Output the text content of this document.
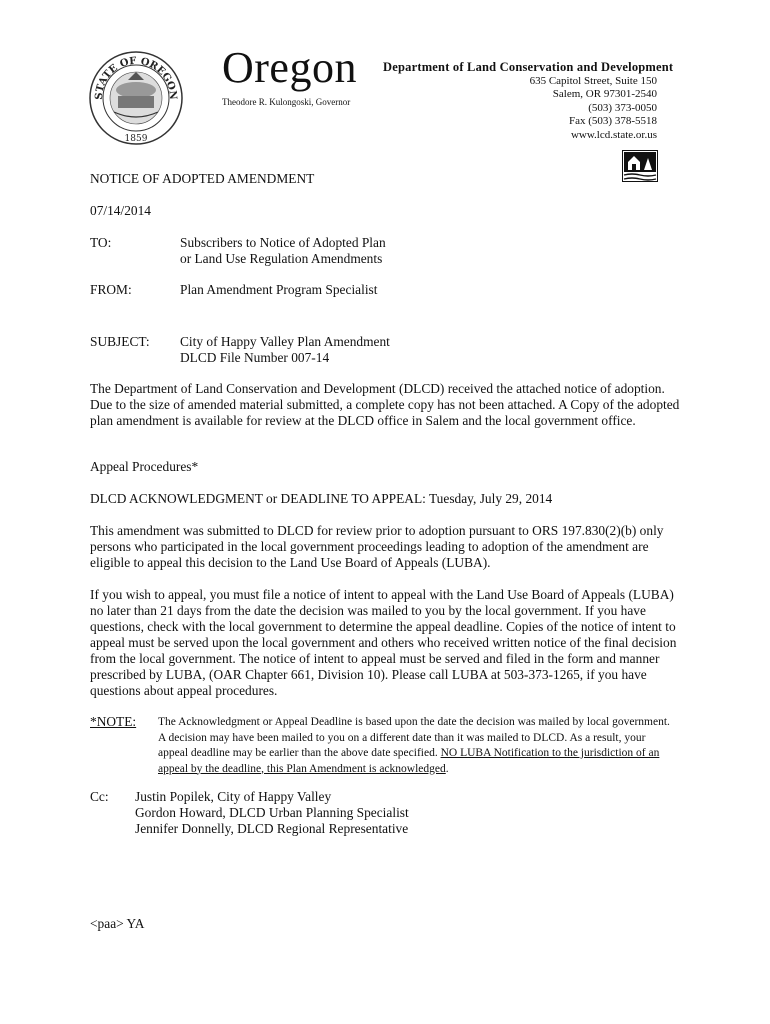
STATE OF OREGON
1859
Oregon
Theodore R. Kulongoski, Governor
Department of Land Conservation and Development
635 Capitol Street, Suite 150
Salem, OR 97301-2540
(503) 373-0050
Fax (503) 378-5518
www.lcd.state.or.us
NOTICE OF ADOPTED AMENDMENT
07/14/2014
TO:	Subscribers to Notice of Adopted Plan
or Land Use Regulation Amendments
FROM:	Plan Amendment Program Specialist
SUBJECT: City of Happy Valley Plan Amendment
DLCD File Number 007-14
The Department of Land Conservation and Development (DLCD) received the attached notice of adoption. Due to the size of amended material submitted, a complete copy has not been attached. A Copy of the adopted plan amendment is available for review at the DLCD office in Salem and the local government office.
Appeal Procedures*
DLCD ACKNOWLEDGMENT or DEADLINE TO APPEAL: Tuesday, July 29, 2014
This amendment was submitted to DLCD for review prior to adoption pursuant to ORS 197.830(2)(b) only persons who participated in the local government proceedings leading to adoption of the amendment are eligible to appeal this decision to the Land Use Board of Appeals (LUBA).
If you wish to appeal, you must file a notice of intent to appeal with the Land Use Board of Appeals (LUBA) no later than 21 days from the date the decision was mailed to you by the local government. If you have questions, check with the local government to determine the appeal deadline. Copies of the notice of intent to appeal must be served upon the local government and others who received written notice of the final decision from the local government. The notice of intent to appeal must be served and filed in the form and manner prescribed by LUBA, (OAR Chapter 661, Division 10). Please call LUBA at 503-373-1265, if you have questions about appeal procedures.
*NOTE: The Acknowledgment or Appeal Deadline is based upon the date the decision was mailed by local government. A decision may have been mailed to you on a different date than it was mailed to DLCD. As a result, your appeal deadline may be earlier than the above date specified. NO LUBA Notification to the jurisdiction of an appeal by the deadline, this Plan Amendment is acknowledged.
Cc: Justin Popilek, City of Happy Valley
Gordon Howard, DLCD Urban Planning Specialist
Jennifer Donnelly, DLCD Regional Representative
<paa> YA
